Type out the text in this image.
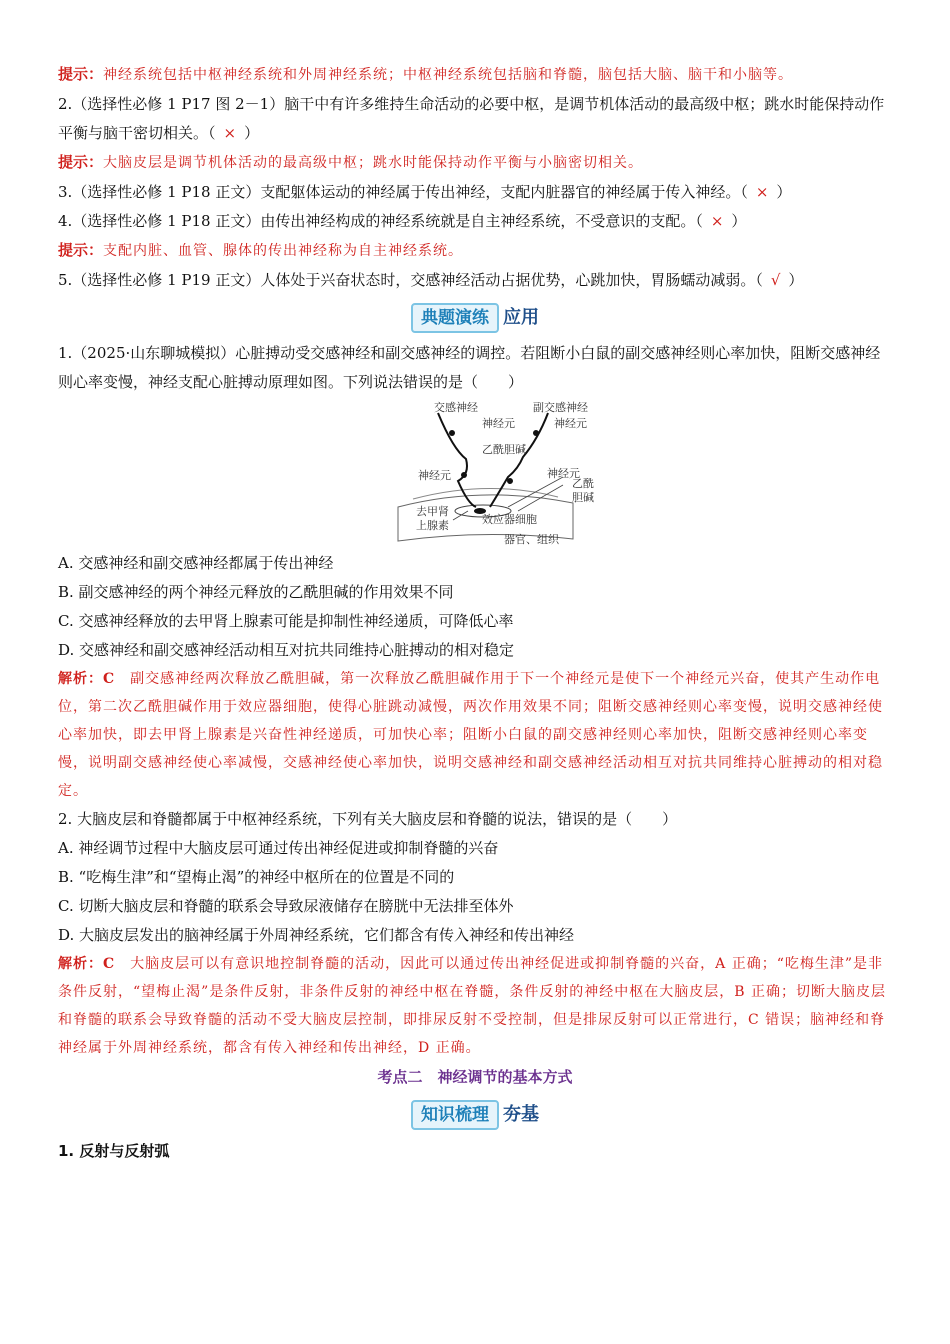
提示：神经系统包括中枢神经系统和外周神经系统；中枢神经系统包括脑和脊髓，脑包括大脑、脑干和小脑等。
2.（选择性必修 1 P17 图 2－1）脑干中有许多维持生命活动的必要中枢，是调节机体活动的最高级中枢；跳水时能保持动作平衡与脑干密切相关。（ × ）
提示：大脑皮层是调节机体活动的最高级中枢；跳水时能保持动作平衡与小脑密切相关。
3.（选择性必修 1 P18 正文）支配躯体运动的神经属于传出神经，支配内脏器官的神经属于传入神经。（ × ）
4.（选择性必修 1 P18 正文）由传出神经构成的神经系统就是自主神经系统，不受意识的支配。（ × ）
提示：支配内脏、血管、腺体的传出神经称为自主神经系统。
5.（选择性必修 1 P19 正文）人体处于兴奋状态时，交感神经活动占据优势，心跳加快，胃肠蠕动减弱。（ √ ）
典题演练 应用
1.（2025·山东聊城模拟）心脏搏动受交感神经和副交感神经的调控。若阻断小白鼠的副交感神经则心率加快，阻断交感神经则心率变慢，神经支配心脏搏动原理如图。下列说法错误的是（　　）
交感神经	副交感神经
神经元	神经元
乙酰胆碱
神经元	神经元
乙酰
去甲肾
上腺素	效应器细胞
器官、组织
胆碱
A. 交感神经和副交感神经都属于传出神经
B. 副交感神经的两个神经元释放的乙酰胆碱的作用效果不同
C. 交感神经释放的去甲肾上腺素可能是抑制性神经递质，可降低心率
D. 交感神经和副交感神经活动相互对抗共同维持心脏搏动的相对稳定
解析：C　 副交感神经两次释放乙酰胆碱，第一次释放乙酰胆碱作用于下一个神经元是使下一个神经元兴奋，使其产生动作电位，第二次乙酰胆碱作用于效应器细胞，使得心脏跳动减慢，两次作用效果不同；阻断交感神经则心率变慢，说明交感神经使心率加快，即去甲肾上腺素是兴奋性神经递质，可加快心率；阻断小白鼠的副交感神经则心率加快，阻断交感神经则心率变慢，说明副交感神经使心率减慢，交感神经使心率加快，说明交感神经和副交感神经活动相互对抗共同维持心脏搏动的相对稳定。
2. 大脑皮层和脊髓都属于中枢神经系统，下列有关大脑皮层和脊髓的说法，错误的是（　　）
A. 神经调节过程中大脑皮层可通过传出神经促进或抑制脊髓的兴奋
B. “吃梅生津”和“望梅止渴”的神经中枢所在的位置是不同的
C. 切断大脑皮层和脊髓的联系会导致尿液储存在膀胱中无法排至体外
D. 大脑皮层发出的脑神经属于外周神经系统，它们都含有传入神经和传出神经
解析：C　 大脑皮层可以有意识地控制脊髓的活动，因此可以通过传出神经促进或抑制脊髓的兴奋，A 正确；“吃梅生津”是非条件反射，“望梅止渴”是条件反射，非条件反射的神经中枢在脊髓，条件反射的神经中枢在大脑皮层，B 正确；切断大脑皮层和脊髓的联系会导致脊髓的活动不受大脑皮层控制，即排尿反射不受控制，但是排尿反射可以正常进行，C 错误；脑神经和脊神经属于外周神经系统，都含有传入神经和传出神经，D 正确。
考点二　神经调节的基本方式
知识梳理 夯基
1. 反射与反射弧
